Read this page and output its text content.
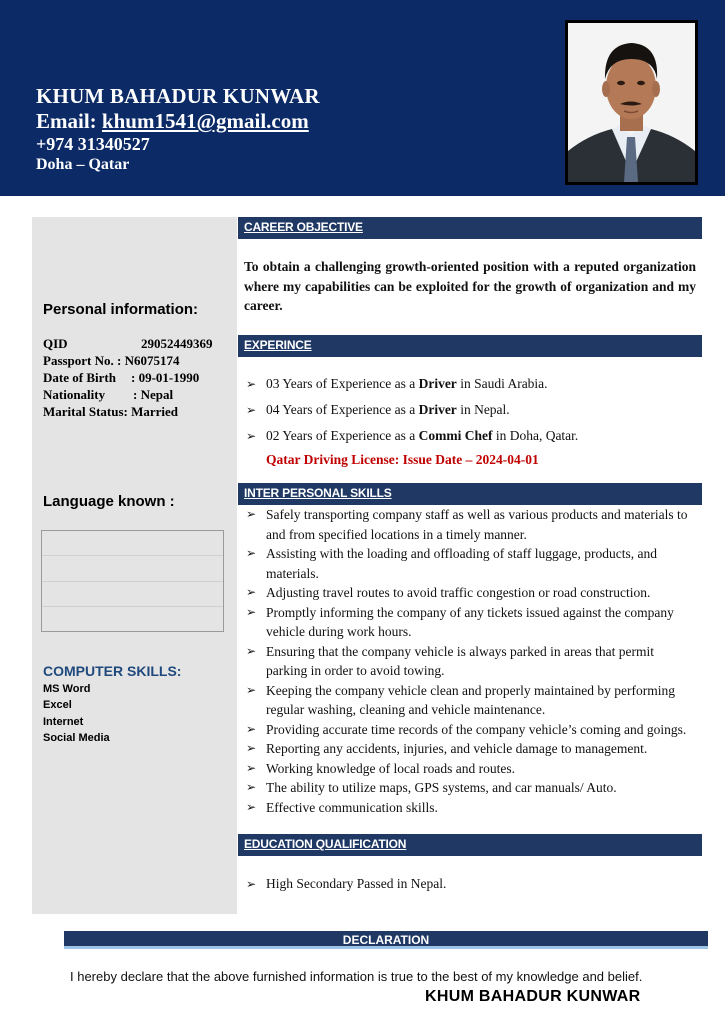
KHUM BAHADUR KUNWAR
Email: khum1541@gmail.com
+974 31340527
Doha – Qatar
Personal information:
QID	29052449369
Passport No. : N6075174
Date of Birth : 09-01-1990
Nationality : Nepal
Marital Status: Married
Language known :
COMPUTER SKILLS:
MS Word
Excel
Internet
Social Media
CAREER OBJECTIVE
To obtain a challenging growth-oriented position with a reputed organization where my capabilities can be exploited for the growth of organization and my career.
EXPERINCE
➢ 03 Years of Experience as a Driver in Saudi Arabia.
➢ 04 Years of Experience as a Driver in Nepal.
➢ 02 Years of Experience as a Commi Chef in Doha, Qatar.
Qatar Driving License: Issue Date – 2024-04-01
INTER PERSONAL SKILLS
➢ Safely transporting company staff as well as various products and materials to and from specified locations in a timely manner.
➢ Assisting with the loading and offloading of staff luggage, products, and materials.
➢ Adjusting travel routes to avoid traffic congestion or road construction.
➢ Promptly informing the company of any tickets issued against the company vehicle during work hours.
➢ Ensuring that the company vehicle is always parked in areas that permit parking in order to avoid towing.
➢ Keeping the company vehicle clean and properly maintained by performing regular washing, cleaning and vehicle maintenance.
➢ Providing accurate time records of the company vehicle’s coming and goings.
➢ Reporting any accidents, injuries, and vehicle damage to management.
➢ Working knowledge of local roads and routes.
➢ The ability to utilize maps, GPS systems, and car manuals/ Auto.
➢ Effective communication skills.
EDUCATION QUALIFICATION
➢ High Secondary Passed in Nepal.
DECLARATION
I hereby declare that the above furnished information is true to the best of my knowledge and belief.
KHUM BAHADUR KUNWAR
